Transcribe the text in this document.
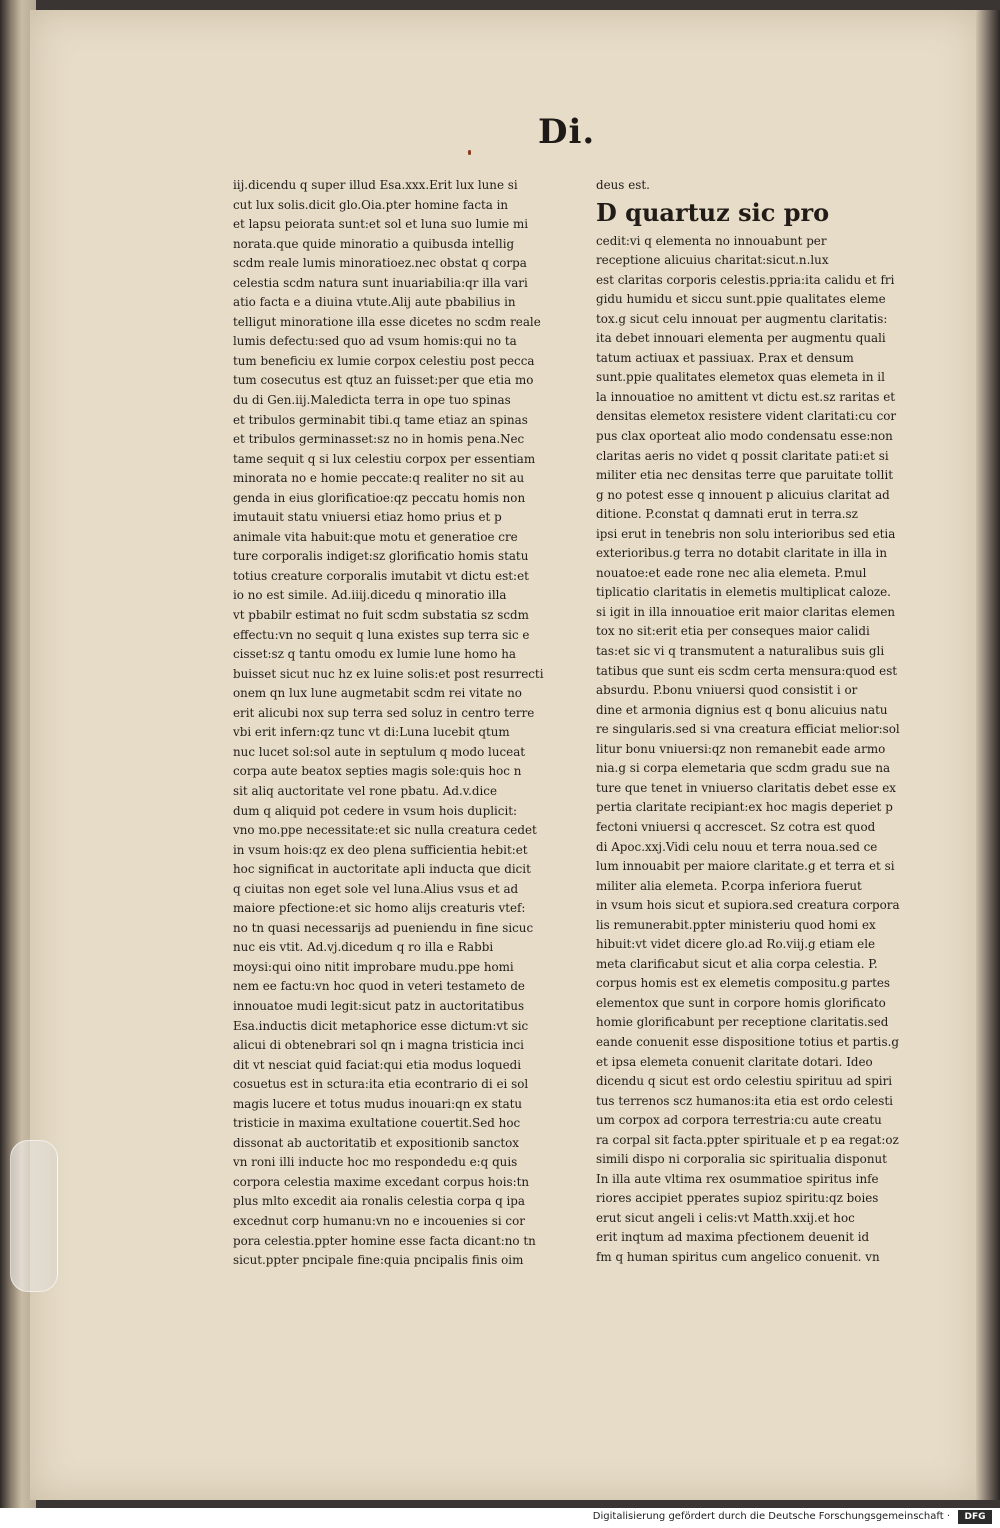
Di.
iij.dicendu q super illud Esa.xxx.Erit lux lune si
cut lux solis.dicit glo.Oia.pter homine facta in
et lapsu peiorata sunt:et sol et luna suo lumie mi
norata.que quide minoratio a quibusda intellig
scdm reale lumis minoratioez.nec obstat q corpa
celestia scdm natura sunt inuariabilia:qr illa vari
atio facta e a diuina vtute.Alij aute pbabilius in
telligut minoratione illa esse dicetes no scdm reale
lumis defectu:sed quo ad vsum homis:qui no ta
tum beneficiu ex lumie corpox celestiu post pecca
tum cosecutus est qtuz an fuisset:per que etia mo
du di Gen.iij.Maledicta terra in ope tuo spinas
et tribulos germinabit tibi.q tame etiaz an spinas
et tribulos germinasset:sz no in homis pena.Nec
tame sequit q si lux celestiu corpox per essentiam
minorata no e homie peccate:q realiter no sit au
genda in eius glorificatioe:qz peccatu homis non
imutauit statu vniuersi etiaz homo prius et p
animale vita habuit:que motu et generatioe cre
ture corporalis indiget:sz glorificatio homis statu
totius creature corporalis imutabit vt dictu est:et
io no est simile. Ad.iiij.dicedu q minoratio illa
vt pbabilr estimat no fuit scdm substatia sz scdm
effectu:vn no sequit q luna existes sup terra sic e
cisset:sz q tantu omodu ex lumie lune homo ha
buisset sicut nuc hz ex luine solis:et post resurrecti
onem qn lux lune augmetabit scdm rei vitate no
erit alicubi nox sup terra sed soluz in centro terre
vbi erit infern:qz tunc vt di:Luna lucebit qtum
nuc lucet sol:sol aute in septulum q modo luceat
corpa aute beatox septies magis sole:quis hoc n
sit aliq auctoritate vel rone pbatu. Ad.v.dice
dum q aliquid pot cedere in vsum hois duplicit:
vno mo.ppe necessitate:et sic nulla creatura cedet
in vsum hois:qz ex deo plena sufficientia hebit:et
hoc significat in auctoritate apli inducta que dicit
q ciuitas non eget sole vel luna.Alius vsus et ad
maiore pfectione:et sic homo alijs creaturis vtef:
no tn quasi necessarijs ad pueniendu in fine sicuc
nuc eis vtit. Ad.vj.dicedum q ro illa e Rabbi
moysi:qui oino nitit improbare mudu.ppe homi
nem ee factu:vn hoc quod in veteri testameto de
innouatoe mudi legit:sicut patz in auctoritatibus
Esa.inductis dicit metaphorice esse dictum:vt sic
alicui di obtenebrari sol qn i magna tristicia inci
dit vt nesciat quid faciat:qui etia modus loquedi
cosuetus est in sctura:ita etia econtrario di ei sol
magis lucere et totus mudus inouari:qn ex statu
tristicie in maxima exultatione couertit.Sed hoc
dissonat ab auctoritatib et expositionib sanctox
vn roni illi inducte hoc mo respondedu e:q quis
corpora celestia maxime excedant corpus hois:tn
plus mlto excedit aia ronalis celestia corpa q ipa
excednut corp humanu:vn no e incouenies si cor
pora celestia.ppter homine esse facta dicant:no tn
sicut.ppter pncipale fine:quia pncipalis finis oim
deus est.
D quartuz sic pro
cedit:vi q elementa no innouabunt per
receptione alicuius charitat:sicut.n.lux
est claritas corporis celestis.ppria:ita calidu et fri
gidu humidu et siccu sunt.ppie qualitates eleme
tox.g sicut celu innouat per augmentu claritatis:
ita debet innouari elementa per augmentu quali
tatum actiuax et passiuax. P.rax et densum
sunt.ppie qualitates elemetox quas elemeta in il
la innouatioe no amittent vt dictu est.sz raritas et
densitas elemetox resistere vident claritati:cu cor
pus clax oporteat alio modo condensatu esse:non
claritas aeris no videt q possit claritate pati:et si
militer etia nec densitas terre que paruitate tollit
g no potest esse q innouent p alicuius claritat ad
ditione. P.constat q damnati erut in terra.sz
ipsi erut in tenebris non solu interioribus sed etia
exterioribus.g terra no dotabit claritate in illa in
nouatoe:et eade rone nec alia elemeta. P.mul
tiplicatio claritatis in elemetis multiplicat caloze.
si igit in illa innouatioe erit maior claritas elemen
tox no sit:erit etia per conseques maior calidi
tas:et sic vi q transmutent a naturalibus suis gli
tatibus que sunt eis scdm certa mensura:quod est
absurdu. P.bonu vniuersi quod consistit i or
dine et armonia dignius est q bonu alicuius natu
re singularis.sed si vna creatura efficiat melior:sol
litur bonu vniuersi:qz non remanebit eade armo
nia.g si corpa elemetaria que scdm gradu sue na
ture que tenet in vniuerso claritatis debet esse ex
pertia claritate recipiant:ex hoc magis deperiet p
fectoni vniuersi q accrescet. Sz cotra est quod
di Apoc.xxj.Vidi celu nouu et terra noua.sed ce
lum innouabit per maiore claritate.g et terra et si
militer alia elemeta. P.corpa inferiora fuerut
in vsum hois sicut et supiora.sed creatura corpora
lis remunerabit.ppter ministeriu quod homi ex
hibuit:vt videt dicere glo.ad Ro.viij.g etiam ele
meta clarificabut sicut et alia corpa celestia. P.
corpus homis est ex elemetis compositu.g partes
elementox que sunt in corpore homis glorificato
homie glorificabunt per receptione claritatis.sed
eande conuenit esse dispositione totius et partis.g
et ipsa elemeta conuenit claritate dotari. Ideo
dicendu q sicut est ordo celestiu spirituu ad spiri
tus terrenos scz humanos:ita etia est ordo celesti
um corpox ad corpora terrestria:cu aute creatu
ra corpal sit facta.ppter spirituale et p ea regat:oz
simili dispo ni corporalia sic spiritualia disponut
In illa aute vltima rex osummatioe spiritus infe
riores accipiet pperates supioz spiritu:qz boies
erut sicut angeli i celis:vt Matth.xxij.et hoc
erit inqtum ad maxima pfectionem deuenit id
fm q human spiritus cum angelico conuenit. vn
Digitalisierung gefördert durch die Deutsche Forschungsgemeinschaft ·	DFG
